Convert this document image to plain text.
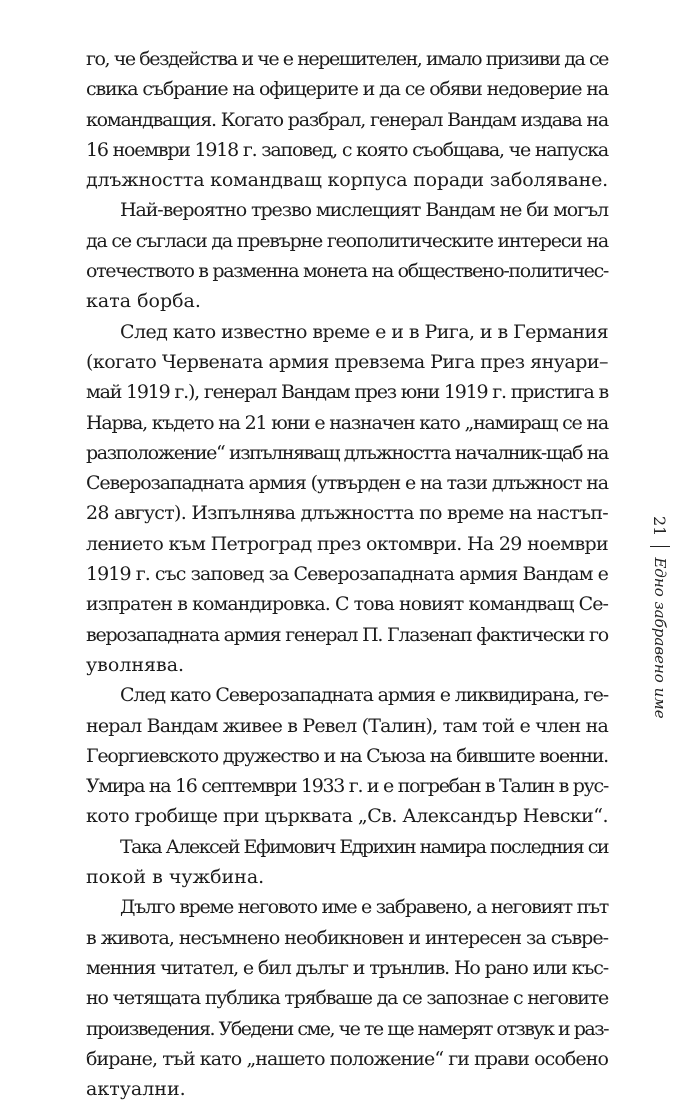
го, че бездейства и че е нерешителен, имало призиви да се
свика събрание на офицерите и да се обяви недоверие на
командващия. Когато разбрал, генерал Вандам издава на
16 ноември 1918 г. заповед, с която съобщава, че напуска
длъжността командващ корпуса поради заболяване.

Най-вероятно трезво мислещият Вандам не би могъл
да се съгласи да превърне геополитическите интереси на
отечеството в разменна монета на обществено-политичес-
ката борба.

След като известно време е и в Рига, и в Германия
(когато Червената армия превзема Рига през януари–
май 1919 г.), генерал Вандам през юни 1919 г. пристига в
Нарва, където на 21 юни е назначен като „намиращ се на
разположение“ изпълняващ длъжността началник-щаб на
Северозападната армия (утвърден е на тази длъжност на
28 август). Изпълнява длъжността по време на настъп-
лението към Петроград през октомври. На 29 ноември
1919 г. със заповед за Северозападната армия Вандам е
изпратен в командировка. С това новият командващ Се-
верозападната армия генерал П. Глазенап фактически го
уволнява.

След като Северозападната армия е ликвидирана, ге-
нерал Вандам живее в Ревел (Талин), там той е член на
Георгиевското дружество и на Съюза на бившите военни.
Умира на 16 септември 1933 г. и е погребан в Талин в рус-
кото гробище при църквата „Св. Александър Невски“.

Така Алексей Ефимович Едрихин намира последния си
покой в чужбина.

Дълго време неговото име е забравено, а неговият път
в живота, несъмнено необикновен и интересен за съвре-
менния читател, е бил дълъг и трънлив. Но рано или къс-
но четящата публика трябваше да се запознае с неговите
произведения. Убедени сме, че те ще намерят отзвук и раз-
биране, тъй като „нашето положение“ ги прави особено
актуални.

21
Едно забравено име
